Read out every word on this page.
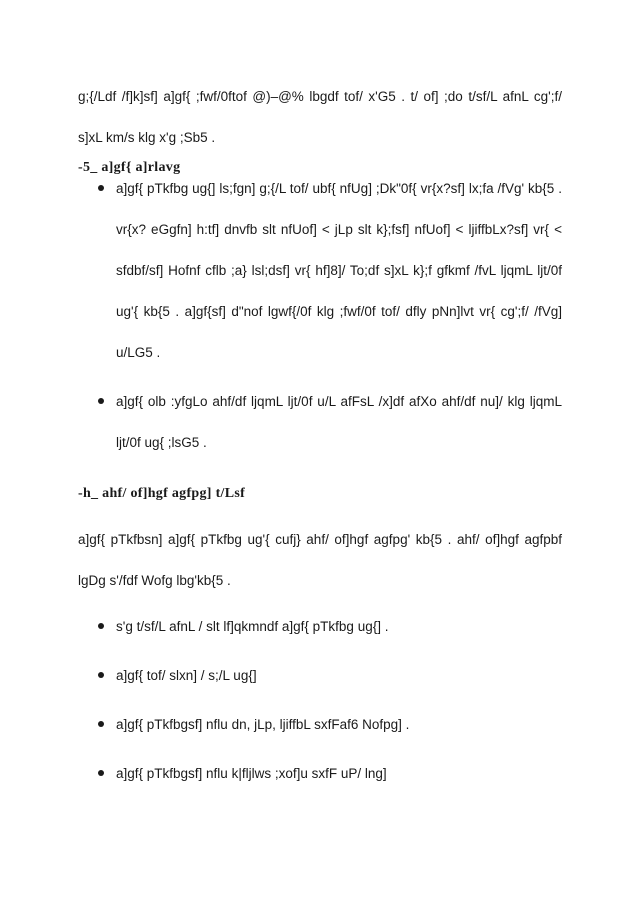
g;{/Ldf /f]k]sf] a]gf{ ;fwf/0ftof @)–@% lbgdf tof/ x'G5 . t/ of] ;do t/sf/L afnL cg';f/ s]xL km/s klg x'g ;Sb5 .

-5_ a]gf{ a]rlavg
a]gf{ pTkfbg ug{] ls;fgn] g;{/L tof/ ubf{ nfUg] ;Dk"0f{ vr{x?sf] lx;fa /fVg' kb{5 . vr{x? eGgfn] h:tf] dnvfb slt nfUof] < jLp slt k};fsf] nfUof] < ljiffbLx?sf] vr{ < sfdbf/sf] Hofnf cflb ;a} lsl;dsf] vr{ hf]8]/ To;df s]xL k};f gfkmf /fvL ljqmL ljt/0f ug'{ kb{5 . a]gf{sf] d"nof lgwf{/0f klg ;fwf/0f tof/ dfly pNn]lvt vr{ cg';f/ /fVg] u/LG5 .
a]gf{ olb :yfgLo ahf/df ljqmL ljt/0f u/L afFsL /x]df afXo ahf/df nu]/ klg ljqmL ljt/0f ug{ ;lsG5 .
-h_ ahf/ of]hgf agfpg] t/Lsf

a]gf{ pTkfbsn] a]gf{ pTkfbg ug'{ cufj} ahf/ of]hgf agfpg' kb{5 . ahf/ of]hgf agfpbf lgDg s'/fdf Wofg lbg'kb{5 .

s'g t/sf/L afnL / slt lf]qkmndf a]gf{ pTkfbg ug{] .
a]gf{ tof/ slxn] / s;/L ug{]
a]gf{ pTkfbgsf] nflu dn, jLp, ljiffbL sxfFaf6 Nofpg] .
a]gf{ pTkfbgsf] nflu k|fljlws ;xof]u sxfF uP/ lng]
